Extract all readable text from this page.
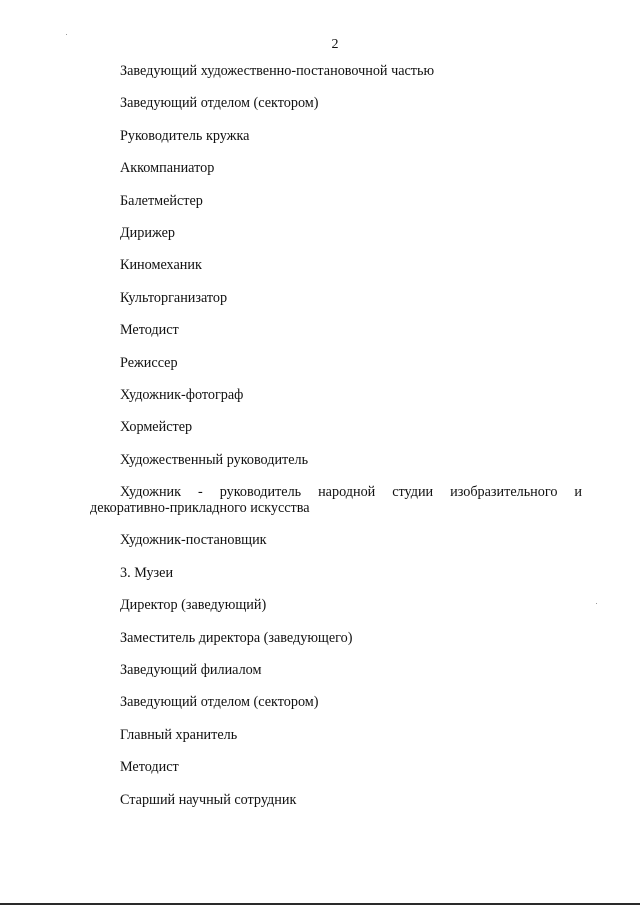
2
Заведующий художественно-постановочной частью
Заведующий отделом (сектором)
Руководитель кружка
Аккомпаниатор
Балетмейстер
Дирижер
Киномеханик
Культорганизатор
Методист
Режиссер
Художник-фотограф
Хормейстер
Художественный руководитель
Художник - руководитель народной студии изобразительного и
декоративно-прикладного искусства
Художник-постановщик
3. Музеи
Директор (заведующий)
Заместитель директора (заведующего)
Заведующий филиалом
Заведующий отделом (сектором)
Главный хранитель
Методист
Старший научный сотрудник
